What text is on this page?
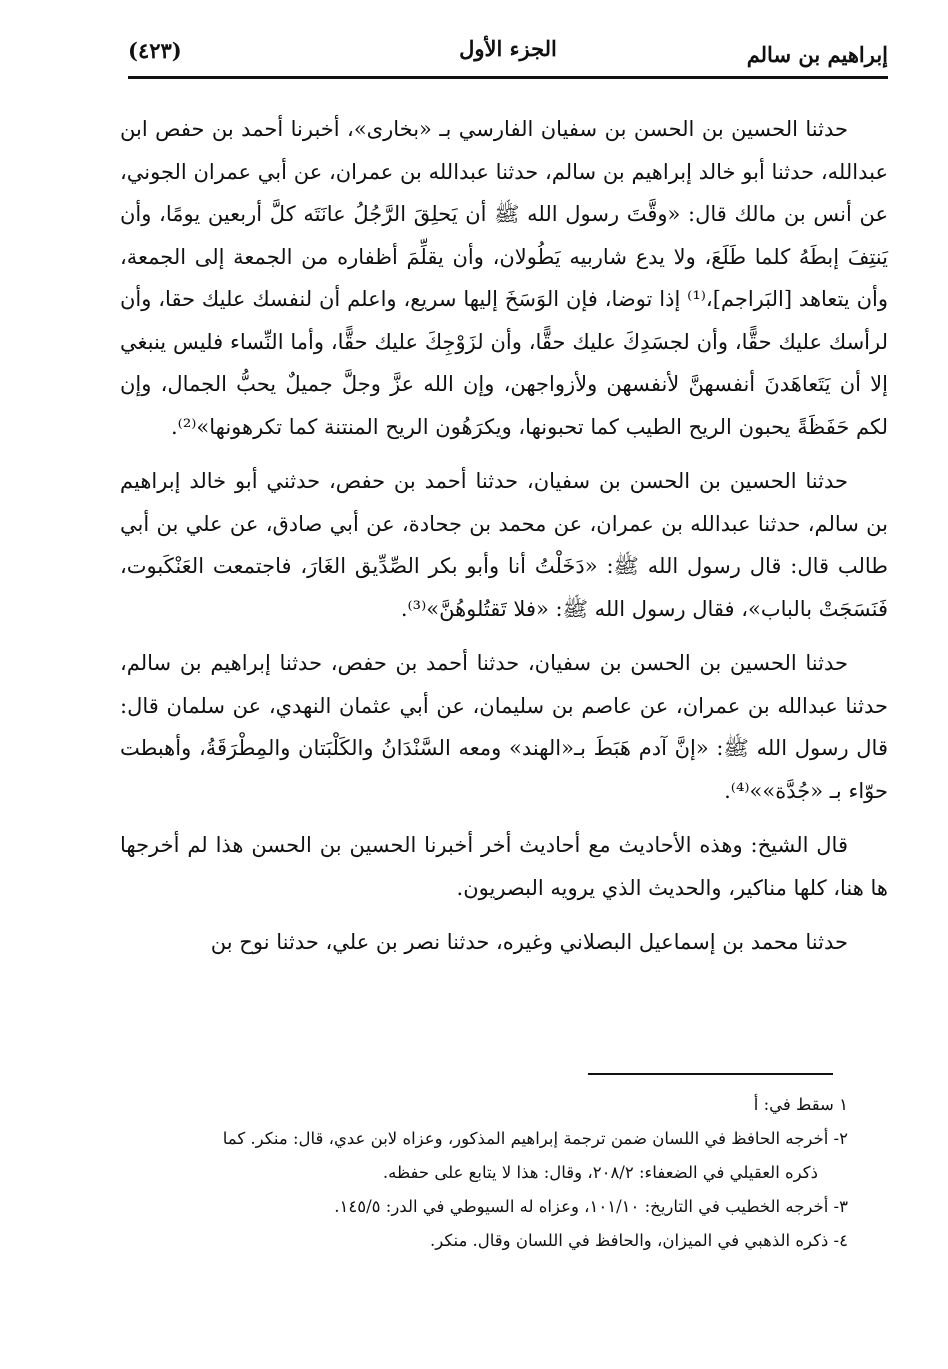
إبراهيم بن سالم
الجزء الأول
(٤٢٣)

حدثنا الحسين بن الحسن بن سفيان الفارسي بـ «بخارى»، أخبرنا أحمد بن حفص ابن عبدالله، حدثنا أبو خالد إبراهيم بن سالم، حدثنا عبدالله بن عمران، عن أبي عمران الجوني، عن أنس بن مالك قال: «وقَّتَ رسول الله ﷺ أن يَحلِقَ الرَّجُلُ عانَتَه كلَّ أربعين يومًا، وأن يَنتِفَ إبطَهُ كلما طَلَعَ، ولا يدع شاربيه يَطُولان، وأن يقلِّمَ أظفاره من الجمعة إلى الجمعة، وأن يتعاهد [البَراجم]،⁽¹⁾ إذا توضا، فإن الوَسَخَ إليها سريع، واعلم أن لنفسك عليك حقا، وأن لرأسك عليك حقًّا، وأن لجسَدِكَ عليك حقًّا، وأن لزَوْجِكَ عليك حقًّا، وأما النِّساء فليس ينبغي إلا أن يَتَعاهَدنَ أنفسهنَّ لأنفسهن ولأزواجهن، وإن الله عزَّ وجلَّ جميلٌ يحبُّ الجمال، وإن لكم حَفَظَةً يحبون الريح الطيب كما تحبونها، ويكرَهُون الريح المنتنة كما تكرهونها»⁽²⁾.

حدثنا الحسين بن الحسن بن سفيان، حدثنا أحمد بن حفص، حدثني أبو خالد إبراهيم بن سالم، حدثنا عبدالله بن عمران، عن محمد بن جحادة، عن أبي صادق، عن علي بن أبي طالب قال: قال رسول الله ﷺ: «دَخَلْتُ أنا وأبو بكر الصِّدِّيق الغَارَ، فاجتمعت العَنْكَبوت، فَنَسَجَتْ بالباب»، فقال رسول الله ﷺ: «فلا تَقتُلوهُنَّ»⁽³⁾.

حدثنا الحسين بن الحسن بن سفيان، حدثنا أحمد بن حفص، حدثنا إبراهيم بن سالم، حدثنا عبدالله بن عمران، عن عاصم بن سليمان، عن أبي عثمان النهدي، عن سلمان قال: قال رسول الله ﷺ: «إنَّ آدم هَبَطَ بـ«الهند» ومعه السَّنْدَانُ والكَلْبَتان والمِطْرَقَةُ، وأهبطت حوّاء بـ «جُدَّة»»⁽⁴⁾.

قال الشيخ: وهذه الأحاديث مع أحاديث أخر أخبرنا الحسين بن الحسن هذا لم أخرجها ها هنا، كلها مناكير، والحديث الذي يرويه البصريون.

حدثنا محمد بن إسماعيل البصلاني وغيره، حدثنا نصر بن علي، حدثنا نوح بن

١ سقط في: أ

٢- أخرجه الحافظ في اللسان ضمن ترجمة إبراهيم المذكور، وعزاه لابن عدي، قال: منكر. كما

ذكره العقيلي في الضعفاء: ٢٠٨/٢، وقال: هذا لا يتابع على حفظه.

٣- أخرجه الخطيب في التاريخ: ١٠١/١٠، وعزاه له السيوطي في الدر: ١٤٥/٥.

٤- ذكره الذهبي في الميزان، والحافظ في اللسان وقال. منكر.
